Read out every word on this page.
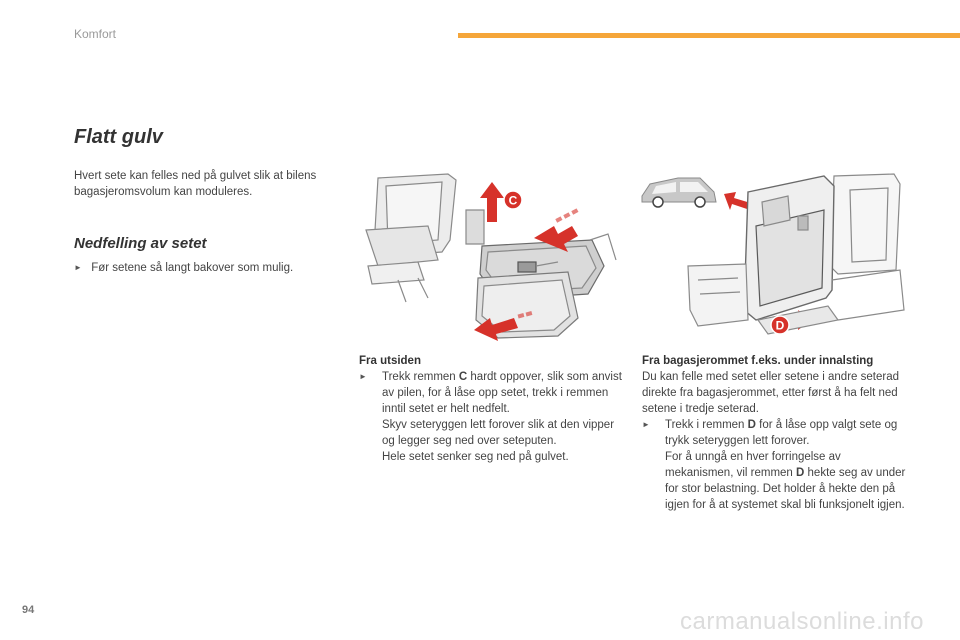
Komfort
Flatt gulv
Hvert sete kan felles ned på gulvet slik at bilens bagasjeromsvolum kan moduleres.
Nedfelling av setet
► Før setene så langt bakover som mulig.
C
D
Fra utsiden

►	Trekk remmen C hardt oppover, slik som anvist av pilen, for å låse opp setet, trekk i remmen inntil setet er helt nedfelt.

Skyv seteryggen lett forover slik at den vipper og legger seg ned over seteputen.

Hele setet senker seg ned på gulvet.

Fra bagasjerommet f.eks. under innalsting

Du kan felle med setet eller setene i andre seterad direkte fra bagasjerommet, etter først å ha felt ned setene i tredje seterad.

►	Trekk i remmen D for å låse opp valgt sete og trykk seteryggen lett forover.

For å unngå en hver forringelse av mekanismen, vil remmen D hekte seg av under for stor belastning. Det holder å hekte den på igjen for å at systemet skal bli funksjonelt igjen.

94	carmanualsonline.info
